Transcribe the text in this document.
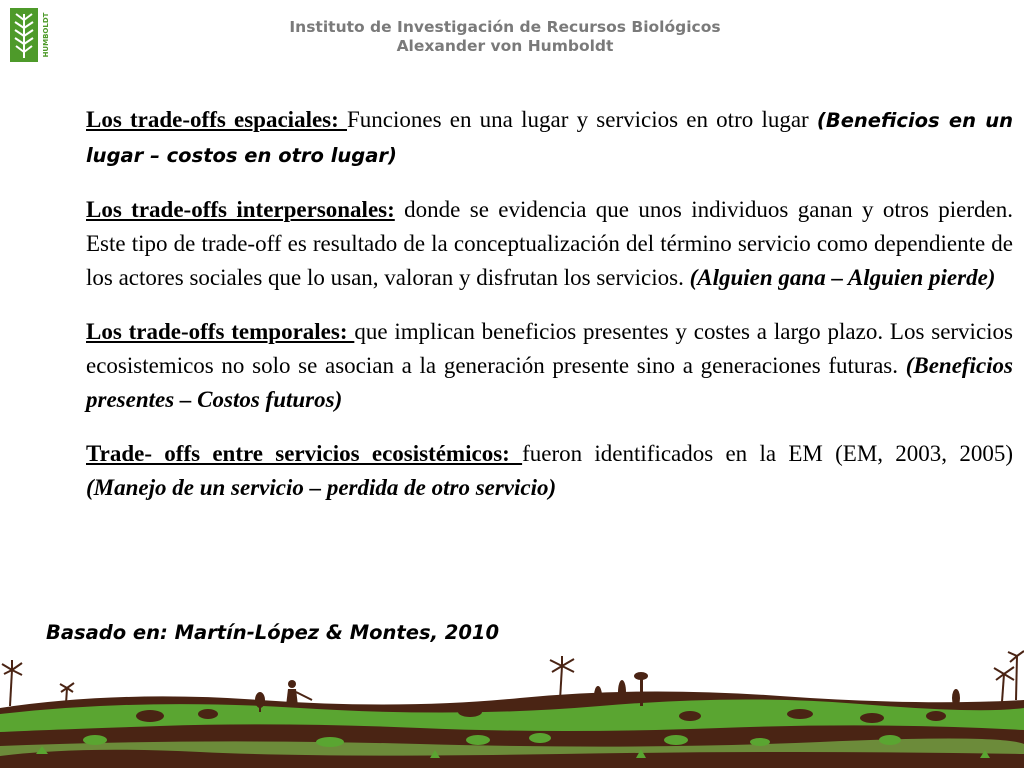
HUMBOLDT	Instituto de Investigación de Recursos Biológicos
Alexander von Humboldt

Los trade-offs espaciales: Funciones en una lugar y servicios en otro lugar (Beneficios en un lugar – costos en otro lugar)

Los trade-offs interpersonales: donde se evidencia que unos individuos ganan y otros pierden. Este tipo de trade-off es resultado de la conceptualización del término servicio como dependiente de los actores sociales que lo usan, valoran y disfrutan los servicios. (Alguien gana – Alguien pierde)

Los trade-offs temporales: que implican beneficios presentes y costes a largo plazo. Los servicios ecosistemicos no solo se asocian a la generación presente sino a generaciones futuras. (Beneficios presentes – Costos futuros)

Trade- offs entre servicios ecosistémicos: fueron identificados en la EM (EM, 2003, 2005) (Manejo de un servicio – perdida de otro servicio)

Basado en: Martín-López & Montes, 2010
